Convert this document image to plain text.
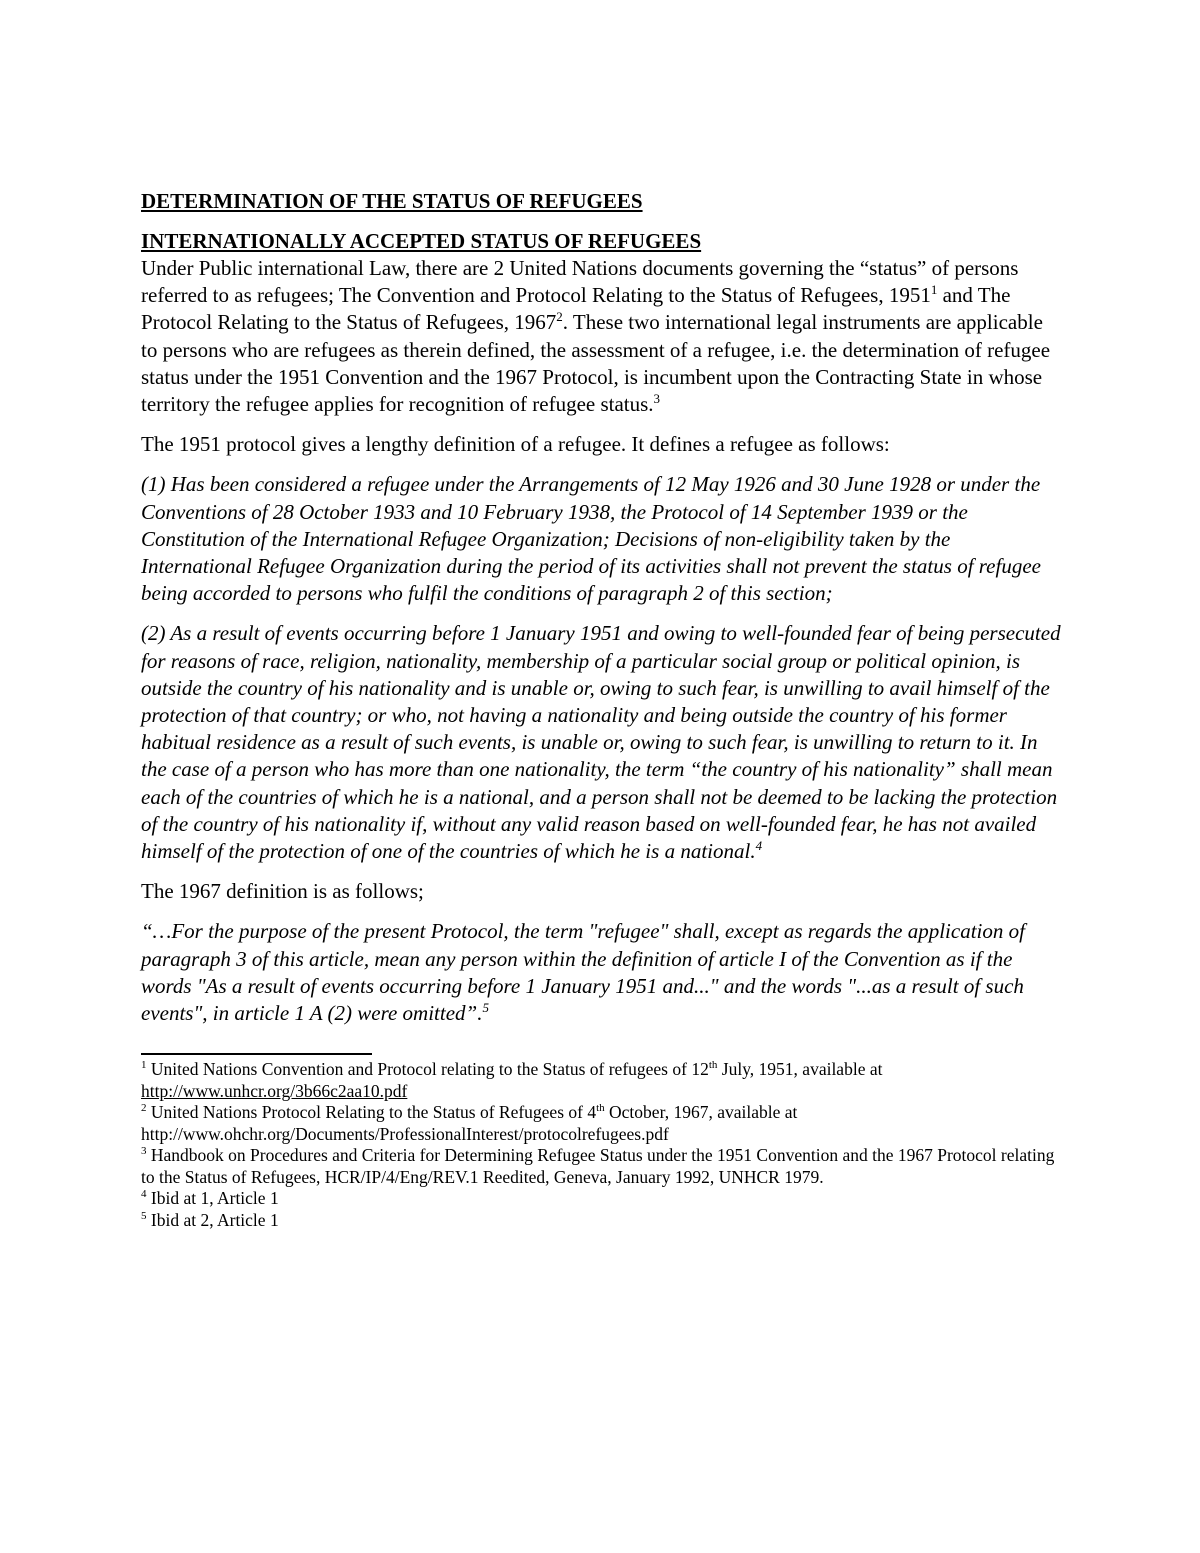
DETERMINATION OF THE STATUS OF REFUGEES
INTERNATIONALLY ACCEPTED STATUS OF REFUGEES

Under Public international Law, there are 2 United Nations documents governing the “status” of persons referred to as refugees; The Convention and Protocol Relating to the Status of Refugees, 1951$^1$ and The Protocol Relating to the Status of Refugees, 1967$^2$. These two international legal instruments are applicable to persons who are refugees as therein defined, the assessment of a refugee, i.e. the determination of refugee status under the 1951 Convention and the 1967 Protocol, is incumbent upon the Contracting State in whose territory the refugee applies for recognition of refugee status.$^3$

The 1951 protocol gives a lengthy definition of a refugee. It defines a refugee as follows:

(1) Has been considered a refugee under the Arrangements of 12 May 1926 and 30 June 1928 or under the Conventions of 28 October 1933 and 10 February 1938, the Protocol of 14 September 1939 or the Constitution of the International Refugee Organization; Decisions of non-eligibility taken by the International Refugee Organization during the period of its activities shall not prevent the status of refugee being accorded to persons who fulfil the conditions of paragraph 2 of this section;

(2) As a result of events occurring before 1 January 1951 and owing to well-founded fear of being persecuted for reasons of race, religion, nationality, membership of a particular social group or political opinion, is outside the country of his nationality and is unable or, owing to such fear, is unwilling to avail himself of the protection of that country; or who, not having a nationality and being outside the country of his former habitual residence as a result of such events, is unable or, owing to such fear, is unwilling to return to it. In the case of a person who has more than one nationality, the term “the country of his nationality” shall mean each of the countries of which he is a national, and a person shall not be deemed to be lacking the protection of the country of his nationality if, without any valid reason based on well-founded fear, he has not availed himself of the protection of one of the countries of which he is a national.$^4$

The 1967 definition is as follows;

“…For the purpose of the present Protocol, the term "refugee" shall, except as regards the application of paragraph 3 of this article, mean any person within the definition of article I of the Convention as if the words "As a result of events occurring before 1 January 1951 and..." and the words "...as a result of such events", in article 1 A (2) were omitted”.$^5$

$^1$ United Nations Convention and Protocol relating to the Status of refugees of 12th July, 1951, available at
http://www.unhcr.org/3b66c2aa10.pdf
$^2$ United Nations Protocol Relating to the Status of Refugees of 4th October, 1967, available at
http://www.ohchr.org/Documents/ProfessionalInterest/protocolrefugees.pdf
$^3$ Handbook on Procedures and Criteria for Determining Refugee Status under the 1951 Convention and the 1967 Protocol relating to the Status of Refugees, HCR/IP/4/Eng/REV.1 Reedited, Geneva, January 1992, UNHCR 1979.
$^4$ Ibid at 1, Article 1
$^5$ Ibid at 2, Article 1
